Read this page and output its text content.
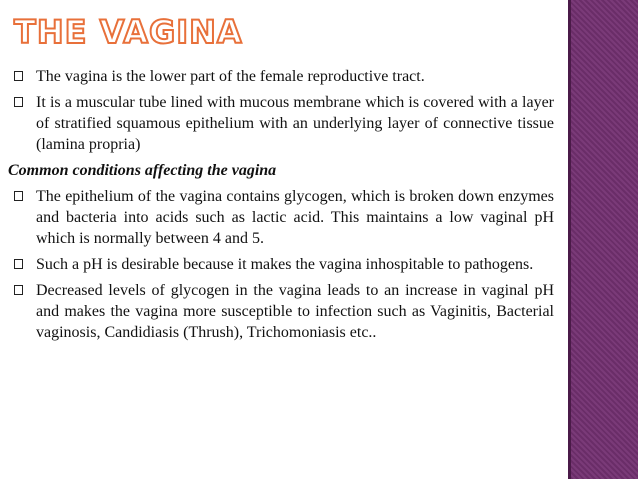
THE VAGINA
The vagina is the lower part of the female reproductive tract.
It is a muscular tube lined with mucous membrane which is covered with a layer of stratified squamous epithelium with an underlying layer of connective tissue (lamina propria)
Common conditions affecting the vagina
The epithelium of the vagina contains glycogen, which is broken down enzymes and bacteria into acids such as lactic acid. This maintains a low vaginal pH which is normally between 4 and 5.
Such a pH is desirable because it makes the vagina inhospitable to pathogens.
Decreased levels of glycogen in the vagina leads to an increase in vaginal pH and makes the vagina more susceptible to infection such as Vaginitis, Bacterial vaginosis, Candidiasis (Thrush), Trichomoniasis etc..
